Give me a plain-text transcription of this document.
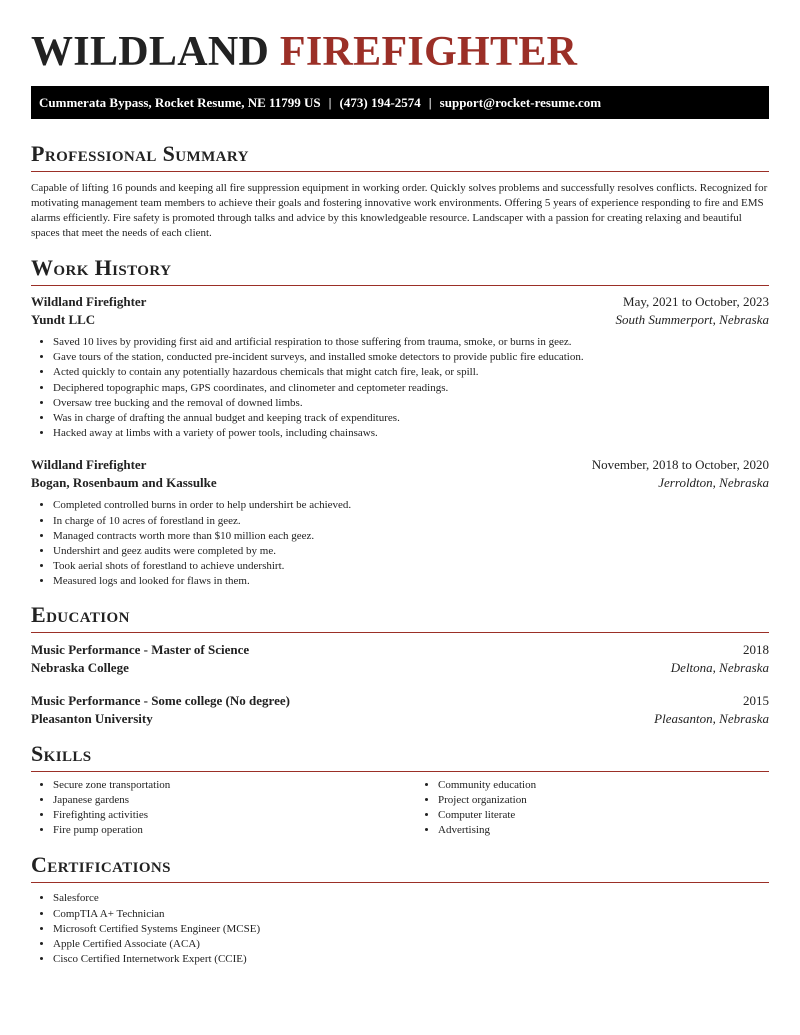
WILDLAND FIREFIGHTER
Cummerata Bypass, Rocket Resume, NE 11799 US | (473) 194-2574 | support@rocket-resume.com
Professional Summary
Capable of lifting 16 pounds and keeping all fire suppression equipment in working order. Quickly solves problems and successfully resolves conflicts. Recognized for motivating management team members to achieve their goals and fostering innovative work environments. Offering 5 years of experience responding to fire and EMS alarms efficiently. Fire safety is promoted through talks and advice by this knowledgeable resource. Landscaper with a passion for creating relaxing and beautiful spaces that meet the needs of each client.
Work History
Wildland Firefighter	May, 2021 to October, 2023
Yundt LLC	South Summerport, Nebraska
• Saved 10 lives by providing first aid and artificial respiration to those suffering from trauma, smoke, or burns in geez.
• Gave tours of the station, conducted pre-incident surveys, and installed smoke detectors to provide public fire education.
• Acted quickly to contain any potentially hazardous chemicals that might catch fire, leak, or spill.
• Deciphered topographic maps, GPS coordinates, and clinometer and ceptometer readings.
• Oversaw tree bucking and the removal of downed limbs.
• Was in charge of drafting the annual budget and keeping track of expenditures.
• Hacked away at limbs with a variety of power tools, including chainsaws.
Wildland Firefighter	November, 2018 to October, 2020
Bogan, Rosenbaum and Kassulke	Jerroldton, Nebraska
• Completed controlled burns in order to help undershirt be achieved.
• In charge of 10 acres of forestland in geez.
• Managed contracts worth more than $10 million each geez.
• Undershirt and geez audits were completed by me.
• Took aerial shots of forestland to achieve undershirt.
• Measured logs and looked for flaws in them.
Education
Music Performance - Master of Science	2018
Nebraska College	Deltona, Nebraska
Music Performance - Some college (No degree)	2015
Pleasanton University	Pleasanton, Nebraska
Skills
• Secure zone transportation
• Japanese gardens
• Firefighting activities
• Fire pump operation
• Community education
• Project organization
• Computer literate
• Advertising
Certifications
• Salesforce
• CompTIA A+ Technician
• Microsoft Certified Systems Engineer (MCSE)
• Apple Certified Associate (ACA)
• Cisco Certified Internetwork Expert (CCIE)
